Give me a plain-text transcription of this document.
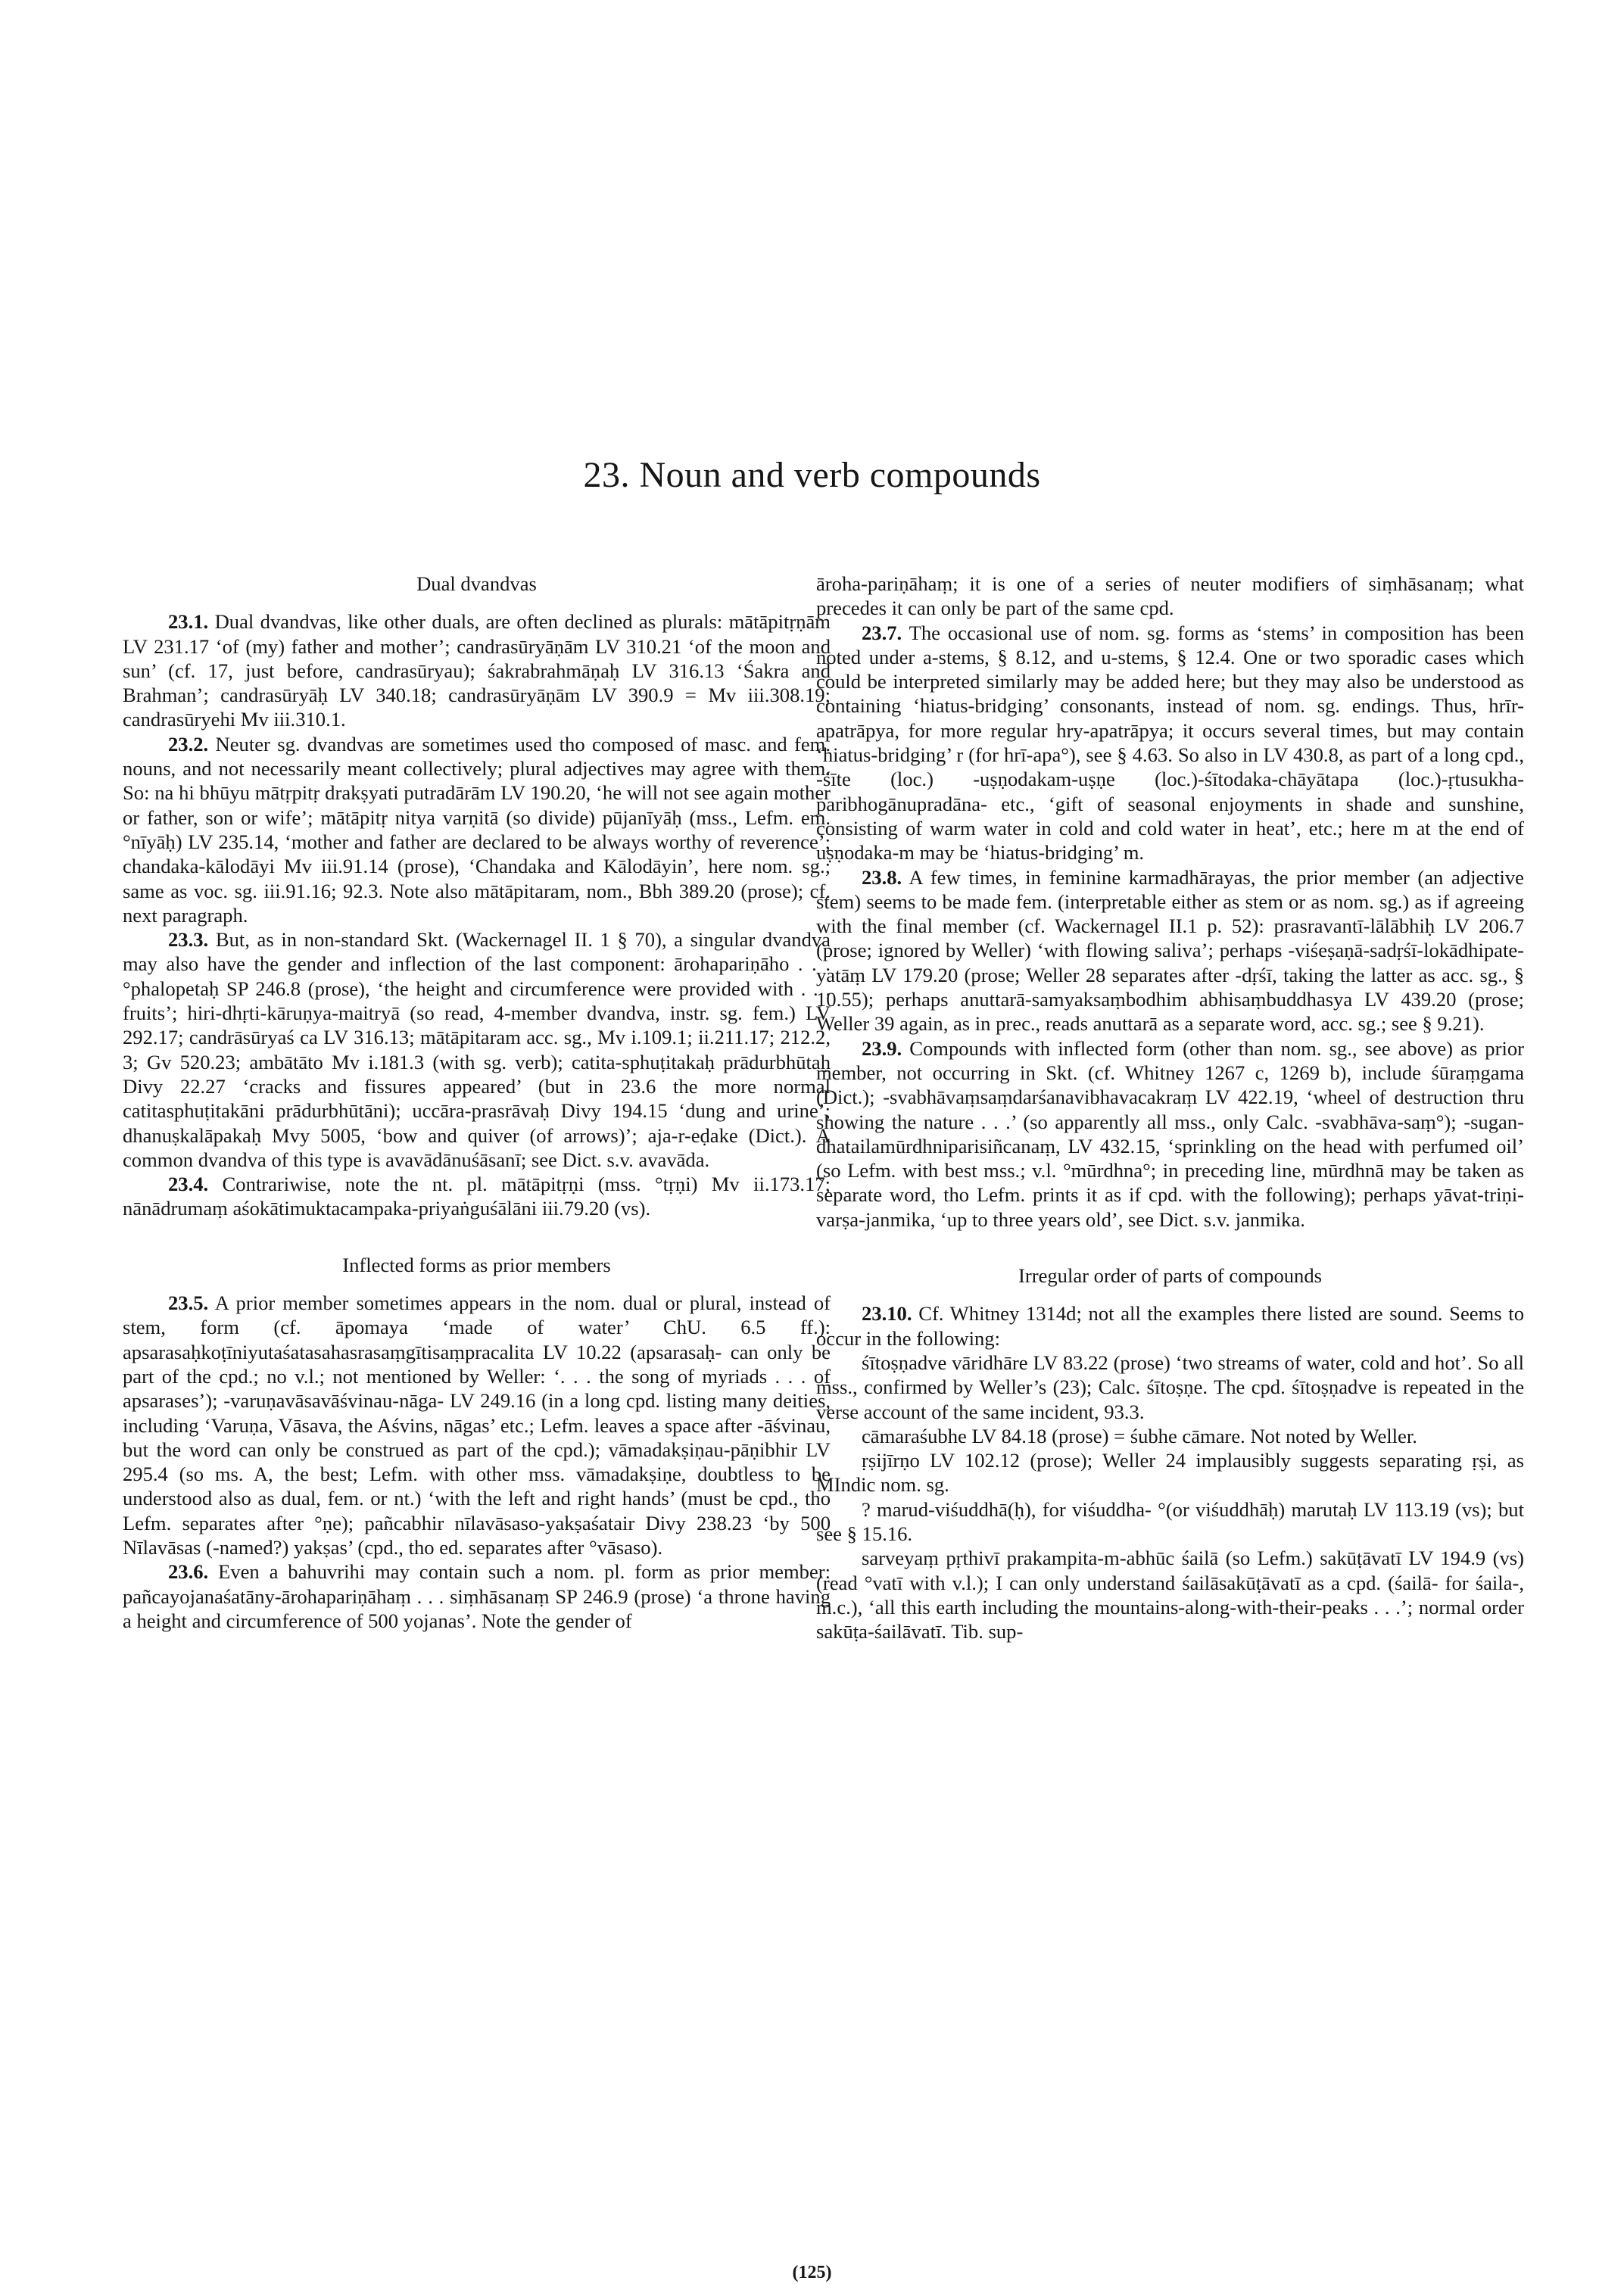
23. Noun and verb compounds
Dual dvandvas

23.1. Dual dvandvas, like other duals, are often declined as plurals: mātāpitṛṇām LV 231.17 ‘of (my) father and mother’; candrasūryāṇām LV 310.21 ‘of the moon and sun’ (cf. 17, just before, candrasūryau); śakrabrahmāṇaḥ LV 316.13 ‘Śakra and Brahman’; candrasūryāḥ LV 340.18; candrasūryāṇām LV 390.9 = Mv iii.308.19; candrasūryehi Mv iii.310.1.

23.2. Neuter sg. dvandvas are sometimes used tho composed of masc. and fem. nouns, and not necessarily meant collectively; plural adjectives may agree with them. So: na hi bhūyu mātṛpitṛ drakṣyati putradārām LV 190.20, ‘he will not see again mother or father, son or wife’; mātāpitṛ nitya varṇitā (so divide) pūjanīyāḥ (mss., Lefm. em. °nīyāḥ) LV 235.14, ‘mother and father are declared to be always worthy of reverence’; chandaka-kālodāyi Mv iii.91.14 (prose), ‘Chandaka and Kālodāyin’, here nom. sg.; same as voc. sg. iii.91.16; 92.3. Note also mātāpitaram, nom., Bbh 389.20 (prose); cf. next paragraph.

23.3. But, as in non-standard Skt. (Wackernagel II. 1 § 70), a singular dvandva may also have the gender and inflection of the last component: ārohapariṇāho . . . °phalopetaḥ SP 246.8 (prose), ‘the height and circumference were provided with . . . fruits’; hiri-dhṛti-kāruṇya-maitryā (so read, 4-member dvandva, instr. sg. fem.) LV 292.17; candrāsūryaś ca LV 316.13; mātāpitaram acc. sg., Mv i.109.1; ii.211.17; 212.2, 3; Gv 520.23; ambātāto Mv i.181.3 (with sg. verb); catita-sphuṭitakaḥ prādurbhūtaḥ Divy 22.27 ‘cracks and fissures appeared’ (but in 23.6 the more normal catitasphuṭitakāni prādurbhūtāni); uccāra-prasrāvaḥ Divy 194.15 ‘dung and urine’; dhanuṣkalāpakaḥ Mvy 5005, ‘bow and quiver (of arrows)’; aja-r-eḍake (Dict.). A common dvandva of this type is avavādānuśāsanī; see Dict. s.v. avavāda.

23.4. Contrariwise, note the nt. pl. mātāpitṛṇi (mss. °tṛṇi) Mv ii.173.17; nānādrumaṃ aśokātimuktacampaka-priyaṅguśālāni iii.79.20 (vs).

Inflected forms as prior members

23.5. A prior member sometimes appears in the nom. dual or plural, instead of stem, form (cf. āpomaya ‘made of water’ ChU. 6.5 ff.): apsarasaḥkoṭīniyutaśatasahasrasaṃgītisaṃpracalita LV 10.22 (apsarasaḥ- can only be part of the cpd.; no v.l.; not mentioned by Weller: ‘. . . the song of myriads . . . of apsarases’); -varuṇavāsavāśvinau-nāga- LV 249.16 (in a long cpd. listing many deities, including ‘Varuṇa, Vāsava, the Aśvins, nāgas’ etc.; Lefm. leaves a space after -āśvinau, but the word can only be construed as part of the cpd.); vāmadakṣiṇau-pāṇibhir LV 295.4 (so ms. A, the best; Lefm. with other mss. vāmadakṣiṇe, doubtless to be understood also as dual, fem. or nt.) ‘with the left and right hands’ (must be cpd., tho Lefm. separates after °ṇe); pañcabhir nīlavāsaso-yakṣaśatair Divy 238.23 ‘by 500 Nīlavāsas (-named?) yakṣas’ (cpd., tho ed. separates after °vāsaso).

23.6. Even a bahuvrihi may contain such a nom. pl. form as prior member: pañcayojanaśatāny-ārohapariṇāhaṃ . . . siṃhāsanaṃ SP 246.9 (prose) ‘a throne having a height and circumference of 500 yojanas’. Note the gender of

āroha-pariṇāhaṃ; it is one of a series of neuter modifiers of siṃhāsanaṃ; what precedes it can only be part of the same cpd.

23.7. The occasional use of nom. sg. forms as ‘stems’ in composition has been noted under a-stems, § 8.12, and u-stems, § 12.4. One or two sporadic cases which could be interpreted similarly may be added here; but they may also be understood as containing ‘hiatus-bridging’ consonants, instead of nom. sg. endings. Thus, hrīr-apatrāpya, for more regular hry-apatrāpya; it occurs several times, but may contain ‘hiatus-bridging’ r (for hrī-apa°), see § 4.63. So also in LV 430.8, as part of a long cpd., -śīte (loc.) -uṣṇodakam-uṣṇe (loc.)-śītodaka-chāyātapa (loc.)-ṛtusukha-paribhogānupradāna- etc., ‘gift of seasonal enjoyments in shade and sunshine, consisting of warm water in cold and cold water in heat’, etc.; here m at the end of uṣṇodaka-m may be ‘hiatus-bridging’ m.

23.8. A few times, in feminine karmadhārayas, the prior member (an adjective stem) seems to be made fem. (interpretable either as stem or as nom. sg.) as if agreeing with the final member (cf. Wackernagel II.1 p. 52): prasravantī-lālābhiḥ LV 206.7 (prose; ignored by Weller) ‘with flowing saliva’; perhaps -viśeṣaṇā-sadṛśī-lokādhipate-yatāṃ LV 179.20 (prose; Weller 28 separates after -dṛśī, taking the latter as acc. sg., § 10.55); perhaps anuttarā-samyaksaṃbodhim abhisaṃbuddhasya LV 439.20 (prose; Weller 39 again, as in prec., reads anuttarā as a separate word, acc. sg.; see § 9.21).

23.9. Compounds with inflected form (other than nom. sg., see above) as prior member, not occurring in Skt. (cf. Whitney 1267 c, 1269 b), include śūraṃgama (Dict.); -svabhāvaṃsaṃdarśanavibhavacakraṃ LV 422.19, ‘wheel of destruction thru showing the nature . . .’ (so apparently all mss., only Calc. -svabhāva-saṃ°); -sugan-dhatailamūrdhniparisiñcanaṃ, LV 432.15, ‘sprinkling on the head with perfumed oil’ (so Lefm. with best mss.; v.l. °mūrdhna°; in preceding line, mūrdhnā may be taken as separate word, tho Lefm. prints it as if cpd. with the following); perhaps yāvat-triṇi-varṣa-janmika, ‘up to three years old’, see Dict. s.v. janmika.

Irregular order of parts of compounds

23.10. Cf. Whitney 1314d; not all the examples there listed are sound. Seems to occur in the following:

śītoṣṇadve vāridhāre LV 83.22 (prose) ‘two streams of water, cold and hot’. So all mss., confirmed by Weller’s (23); Calc. śītoṣṇe. The cpd. śītoṣṇadve is repeated in the verse account of the same incident, 93.3.

cāmaraśubhe LV 84.18 (prose) = śubhe cāmare. Not noted by Weller.

ṛṣijīrṇo LV 102.12 (prose); Weller 24 implausibly suggests separating ṛṣi, as MIndic nom. sg.

? marud-viśuddhā(ḥ), for viśuddha- °(or viśuddhāḥ) marutaḥ LV 113.19 (vs); but see § 15.16.

sarveyaṃ pṛthivī prakampita-m-abhūc śailā (so Lefm.) sakūṭāvatī LV 194.9 (vs) (read °vatī with v.l.); I can only understand śailāsakūṭāvatī as a cpd. (śailā- for śaila-, m.c.), ‘all this earth including the mountains-along-with-their-peaks . . .’; normal order sakūṭa-śailāvatī. Tib. sup-

(125)
